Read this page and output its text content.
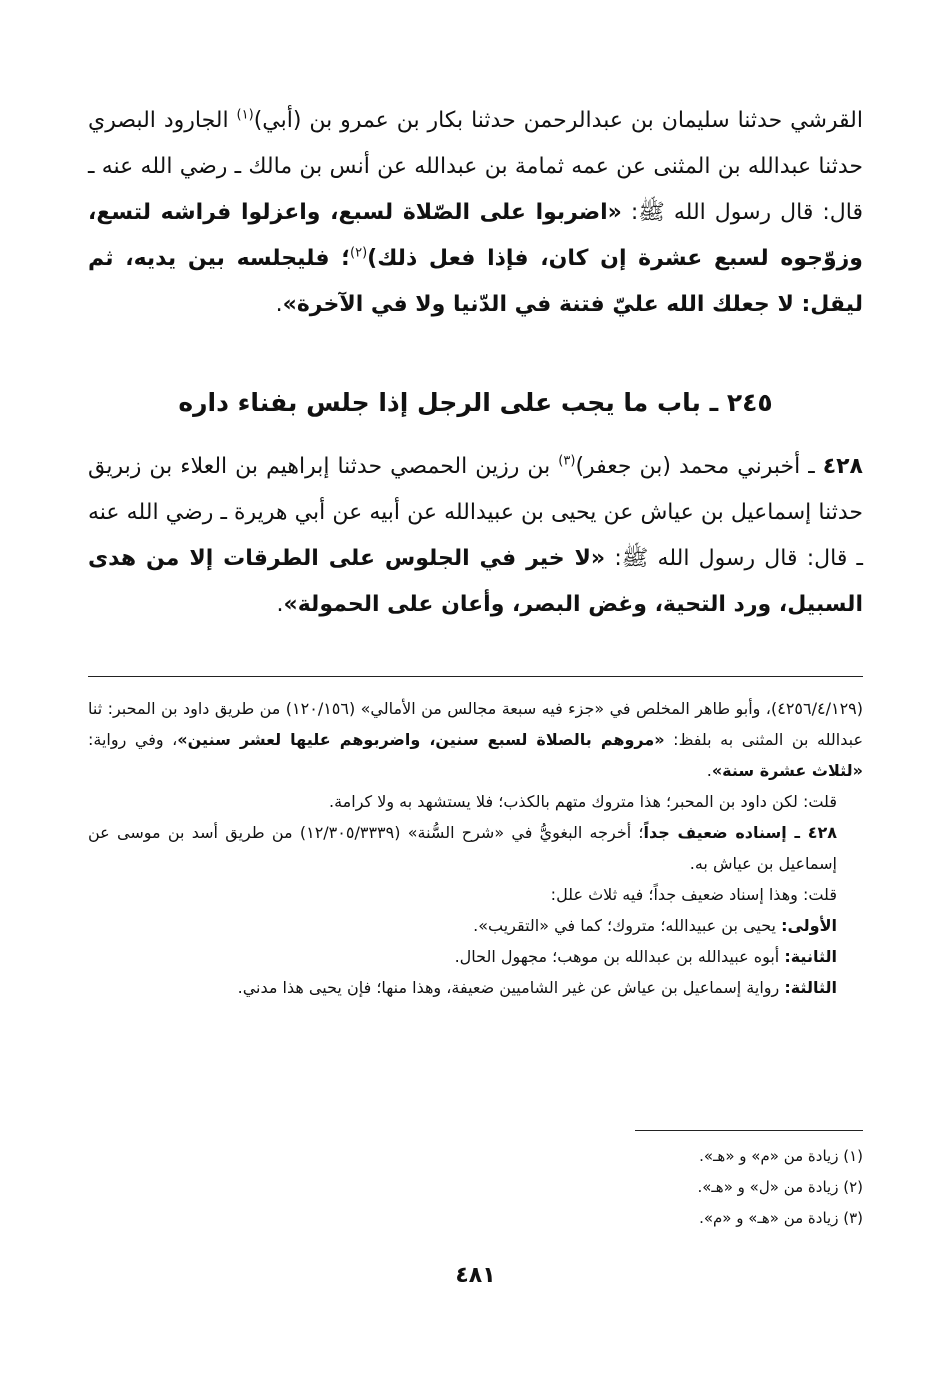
القرشي حدثنا سليمان بن عبدالرحمن حدثنا بكار بن عمرو بن (أبي)$^{(١)}$ الجارود البصري حدثنا عبدالله بن المثنى عن عمه ثمامة بن عبدالله عن أنس بن مالك ـ رضي الله عنه ـ قال: قال رسول الله ﷺ: «اضربوا على الصّلاة لسبع، واعزلوا فراشه لتسع، وزوّجوه لسبع عشرة إن كان، فإذا فعل ذلك)$^{(٢)}$؛ فليجلسه بين يديه، ثم ليقل: لا جعلك الله عليّ فتنة في الدّنيا ولا في الآخرة».
٢٤٥ ـ باب ما يجب على الرجل إذا جلس بفناء داره
٤٢٨ ـ أخبرني محمد (بن جعفر)$^{(٣)}$ بن رزين الحمصي حدثنا إبراهيم بن العلاء بن زبريق حدثنا إسماعيل بن عياش عن يحيى بن عبيدالله عن أبيه عن أبي هريرة ـ رضي الله عنه ـ قال: قال رسول الله ﷺ: «لا خير في الجلوس على الطرقات إلا من هدى السبيل، ورد التحية، وغض البصر، وأعان على الحمولة».
(٤٢٥٦/٤/١٢٩)، وأبو طاهر المخلص في «جزء فيه سبعة مجالس من الأمالي» (١٢٠/١٥٦) من طريق داود بن المحبر: ثنا عبدالله بن المثنى به بلفظ: «مروهم بالصلاة لسبع سنين، واضربوهم عليها لعشر سنين»، وفي رواية: «لثلاث عشرة سنة».
قلت: لكن داود بن المحبر؛ هذا متروك متهم بالكذب؛ فلا يستشهد به ولا كرامة.
٤٢٨ ـ إسناده ضعيف جداً؛ أخرجه البغويُّ في «شرح السُّنة» (١٢/٣٠٥/٣٣٣٩) من طريق أسد بن موسى عن إسماعيل بن عياش به.
قلت: وهذا إسناد ضعيف جداً؛ فيه ثلاث علل:
الأولى: يحيى بن عبيدالله؛ متروك؛ كما في «التقريب».
الثانية: أبوه عبيدالله بن عبدالله بن موهب؛ مجهول الحال.
الثالثة: رواية إسماعيل بن عياش عن غير الشاميين ضعيفة، وهذا منها؛ فإن يحيى هذا مدني.
(١) زيادة من «م» و «هـ».
(٢) زيادة من «ل» و «هـ».
(٣) زيادة من «هـ» و «م».
٤٨١
